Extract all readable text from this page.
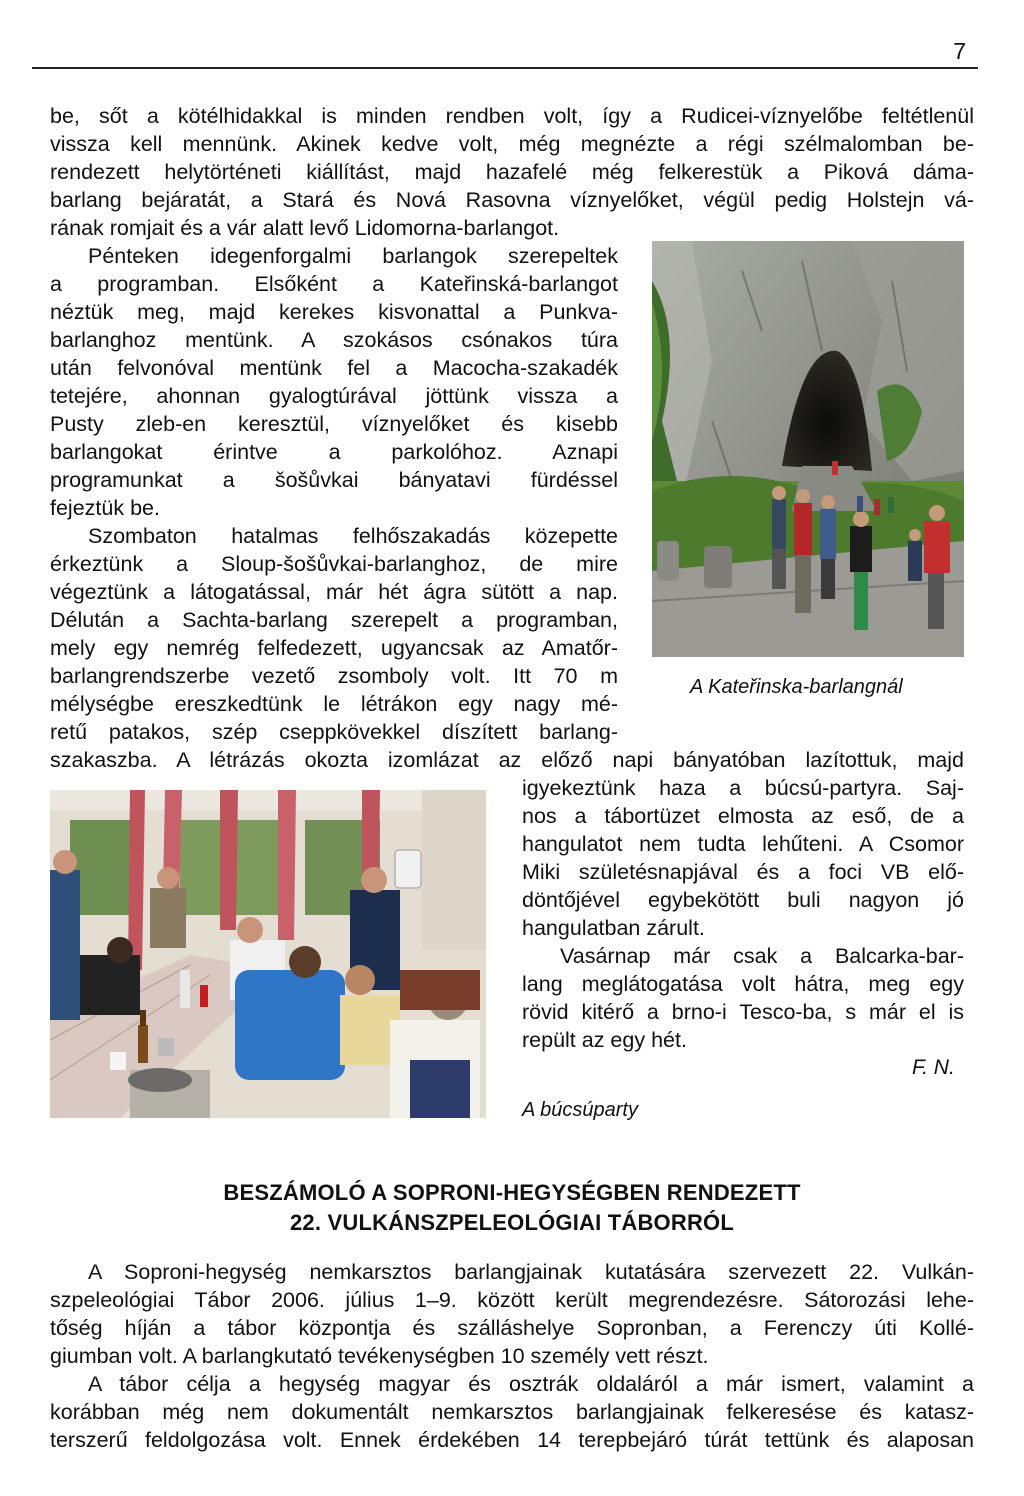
7
be, sőt a kötélhidakkal is minden rendben volt, így a Rudicei-víznyelőbe feltétlenül
vissza kell mennünk. Akinek kedve volt, még megnézte a régi szélmalomban be-
rendezett helytörténeti kiállítást, majd hazafelé még felkerestük a Piková dáma-
barlang bejáratát, a Stará és Nová Rasovna víznyelőket, végül pedig Holstejn vá-
rának romjait és a vár alatt levő Lidomorna-barlangot.
Pénteken idegenforgalmi barlangok szerepeltek
a programban. Elsőként a Kateřinská-barlangot
néztük meg, majd kerekes kisvonattal a Punkva-
barlanghoz mentünk. A szokásos csónakos túra
után felvonóval mentünk fel a Macocha-szakadék
tetejére, ahonnan gyalogtúrával jöttünk vissza a
Pusty zleb-en keresztül, víznyelőket és kisebb
barlangokat érintve a parkolóhoz. Aznapi
programunkat a šošůvkai bányatavi fürdéssel
fejeztük be.
Szombaton hatalmas felhőszakadás közepette
érkeztünk a Sloup-šošůvkai-barlanghoz, de mire
végeztünk a látogatással, már hét ágra sütött a nap.
Délután a Sachta-barlang szerepelt a programban,
mely egy nemrég felfedezett, ugyancsak az Amatőr-
barlangrendszerbe vezető zsomboly volt. Itt 70 m
mélységbe ereszkedtünk le létrákon egy nagy mé-
retű patakos, szép cseppkövekkel díszített barlang-
szakaszba. A létrázás okozta izomlázat az előző napi bányatóban lazítottuk, majd
A Kateřinska-barlangnál
igyekeztünk haza a búcsú-partyra. Saj-
nos a tábortüzet elmosta az eső, de a
hangulatot nem tudta lehűteni. A Csomor
Miki születésnapjával és a foci VB elő-
döntőjével egybekötött buli nagyon jó
hangulatban zárult.
Vasárnap már csak a Balcarka-bar-
lang meglátogatása volt hátra, meg egy
rövid kitérő a brno-i Tesco-ba, s már el is
repült az egy hét.
F. N.
A búcsúparty
BESZÁMOLÓ A SOPRONI-HEGYSÉGBEN RENDEZETT
22. VULKÁNSZPELEOLÓGIAI TÁBORRÓL
A Soproni-hegység nemkarsztos barlangjainak kutatására szervezett 22. Vulkán-
szpeleológiai Tábor 2006. július 1–9. között került megrendezésre. Sátorozási lehe-
tőség híján a tábor központja és szálláshelye Sopronban, a Ferenczy úti Kollé-
giumban volt. A barlangkutató tevékenységben 10 személy vett részt.
A tábor célja a hegység magyar és osztrák oldaláról a már ismert, valamint a
korábban még nem dokumentált nemkarsztos barlangjainak felkeresése és katasz-
terszerű feldolgozása volt. Ennek érdekében 14 terepbejáró túrát tettünk és alaposan
